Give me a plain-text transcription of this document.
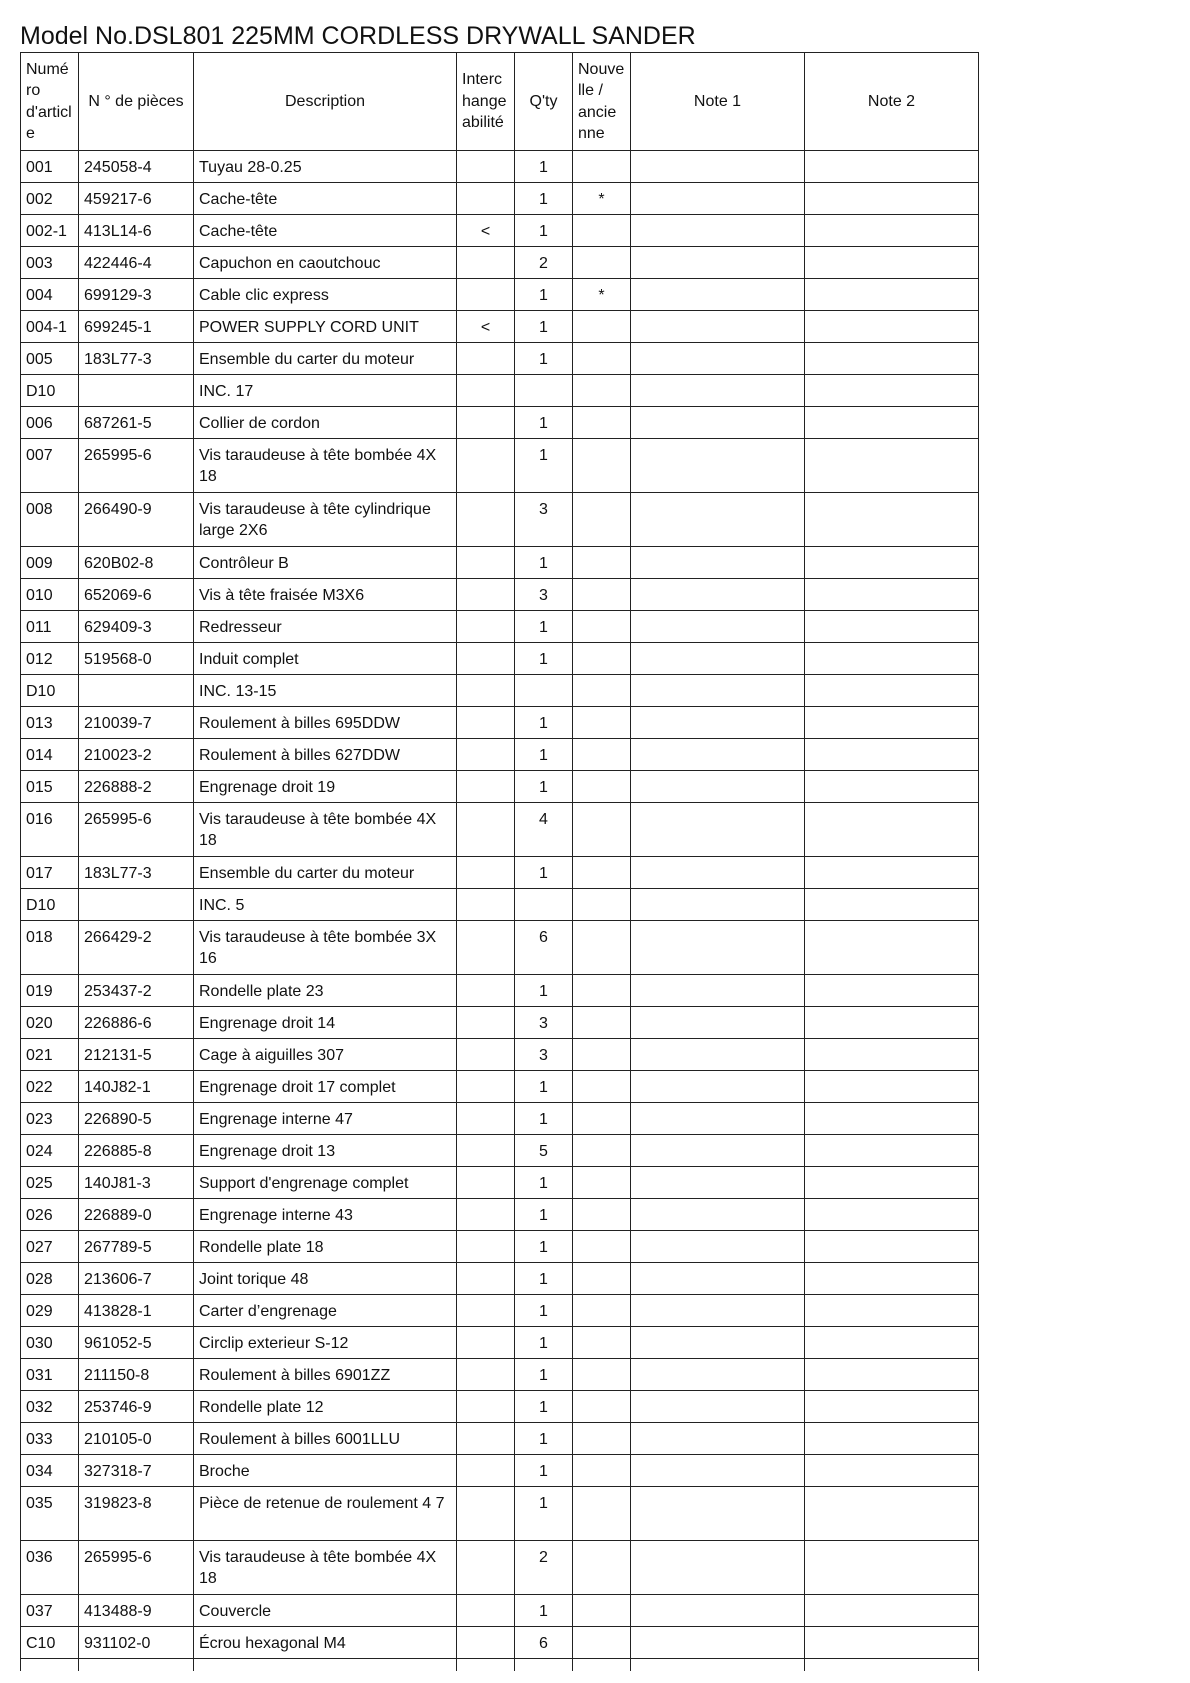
Model No.DSL801 225MM CORDLESS DRYWALL SANDER
Numéro d'article	N ° de pièces	Description	Interchangeabilité	Q'ty	Nouvelle / ancienne	Note 1	Note 2
001	245058-4	Tuyau 28-0.25		1			
002	459217-6	Cache-tête		1	*		
002-1	413L14-6	Cache-tête	<	1			
003	422446-4	Capuchon en caoutchouc		2			
004	699129-3	Cable clic express		1	*		
004-1	699245-1	POWER SUPPLY CORD UNIT	<	1			
005	183L77-3	Ensemble du carter du moteur		1			
D10		INC. 17					
006	687261-5	Collier de cordon		1			
007	265995-6	Vis taraudeuse à tête bombée 4X 18		1			
008	266490-9	Vis taraudeuse à tête cylindrique large 2X6		3			
009	620B02-8	Contrôleur B		1			
010	652069-6	Vis à tête fraisée M3X6		3			
011	629409-3	Redresseur		1			
012	519568-0	Induit complet		1			
D10		INC. 13-15					
013	210039-7	Roulement à billes 695DDW		1			
014	210023-2	Roulement à billes 627DDW		1			
015	226888-2	Engrenage droit 19		1			
016	265995-6	Vis taraudeuse à tête bombée 4X 18		4			
017	183L77-3	Ensemble du carter du moteur		1			
D10		INC. 5					
018	266429-2	Vis taraudeuse à tête bombée 3X 16		6			
019	253437-2	Rondelle plate 23		1			
020	226886-6	Engrenage droit 14		3			
021	212131-5	Cage à aiguilles 307		3			
022	140J82-1	Engrenage droit 17 complet		1			
023	226890-5	Engrenage interne 47		1			
024	226885-8	Engrenage droit 13		5			
025	140J81-3	Support d'engrenage complet		1			
026	226889-0	Engrenage interne 43		1			
027	267789-5	Rondelle plate 18		1			
028	213606-7	Joint torique 48		1			
029	413828-1	Carter d’engrenage		1			
030	961052-5	Circlip exterieur S-12		1			
031	211150-8	Roulement à billes 6901ZZ		1			
032	253746-9	Rondelle plate 12		1			
033	210105-0	Roulement à billes 6001LLU		1			
034	327318-7	Broche		1			
035	319823-8	Pièce de retenue de roulement 4 7		1			
036	265995-6	Vis taraudeuse à tête bombée 4X 18		2			
037	413488-9	Couvercle		1			
C10	931102-0	Écrou hexagonal M4		6			
